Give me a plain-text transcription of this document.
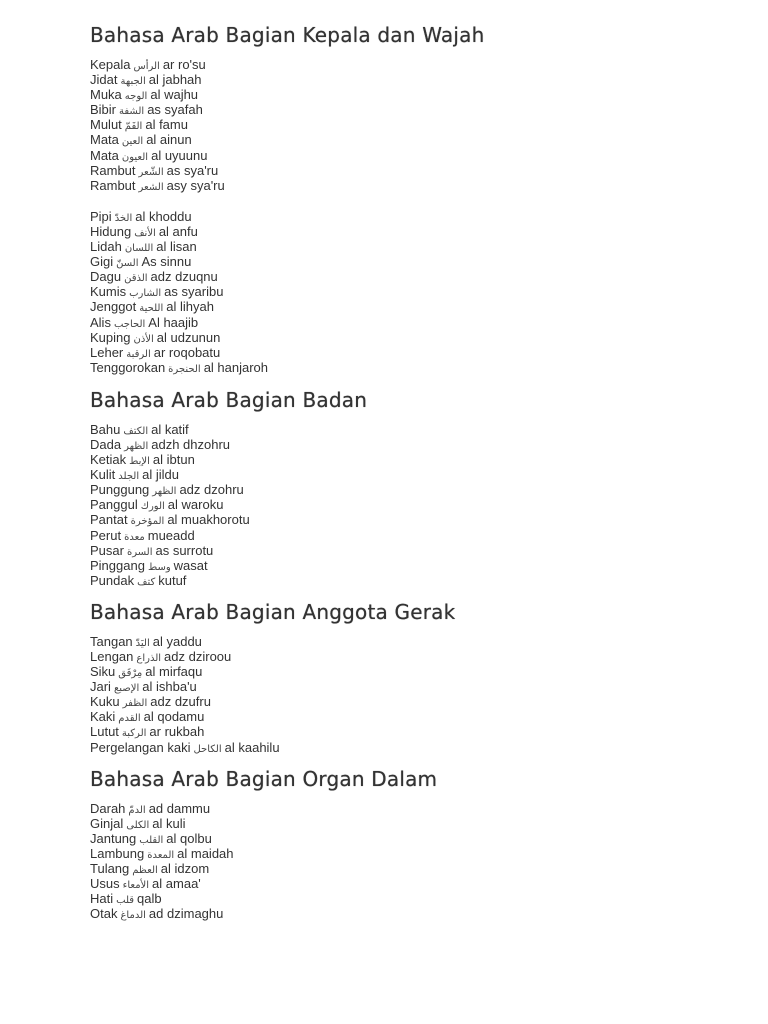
Bahasa Arab Bagian Kepala dan Wajah
Kepala الرأس ar ro'su
Jidat الجبهة al jabhah
Muka الوجه al wajhu
Bibir الشفة as syafah
Mulut الفَمّ al famu
Mata العين al ainun
Mata العيون al uyuunu
Rambut الشّعر as sya'ru
Rambut الشعر asy sya'ru
Pipi الخدّ al khoddu
Hidung الأنف al anfu
Lidah اللسان al lisan
Gigi السنّ As sinnu
Dagu الذقن adz dzuqnu
Kumis الشارب as syaribu
Jenggot اللحية al lihyah
Alis الحاجب Al haajib
Kuping الأذن al udzunun
Leher الرقبة ar roqobatu
Tenggorokan الحنجرة al hanjaroh
Bahasa Arab Bagian Badan
Bahu الكتف al katif
Dada الظهر adzh dhzohru
Ketiak الإبط al ibtun
Kulit الجلد al jildu
Punggung الظهر adz dzohru
Panggul الورك al waroku
Pantat المؤخرة al muakhorotu
Perut معدة mueadd
Pusar السرة as surrotu
Pinggang وسط wasat
Pundak كتف kutuf
Bahasa Arab Bagian Anggota Gerak
Tangan اليَدّ al yaddu
Lengan الذراع adz dziroou
Siku مِرْفَق al mirfaqu
Jari الإصبع al ishba'u
Kuku الظفر adz dzufru
Kaki القدم al qodamu
Lutut الركبة ar rukbah
Pergelangan kaki الكاحل al kaahilu
Bahasa Arab Bagian Organ Dalam
Darah الدمّ ad dammu
Ginjal الكلى al kuli
Jantung القلب al qolbu
Lambung المعدة al maidah
Tulang العظم al idzom
Usus الأمعاء al amaa'
Hati قلب qalb
Otak الدماغ ad dzimaghu
